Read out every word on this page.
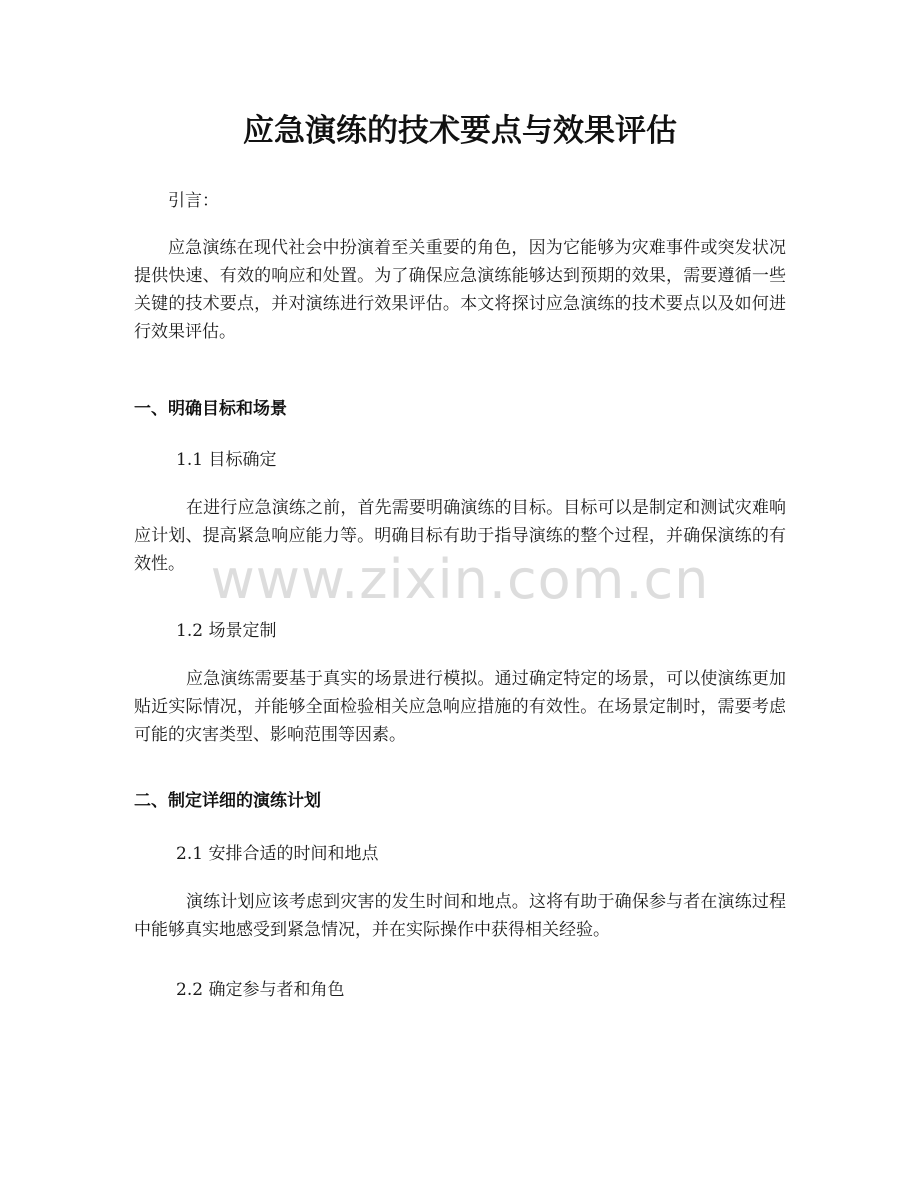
应急演练的技术要点与效果评估

引言：

应急演练在现代社会中扮演着至关重要的角色，因为它能够为灾难事件或突发状况提供快速、有效的响应和处置。为了确保应急演练能够达到预期的效果，需要遵循一些关键的技术要点，并对演练进行效果评估。本文将探讨应急演练的技术要点以及如何进行效果评估。

一、明确目标和场景

1.1 目标确定

在进行应急演练之前，首先需要明确演练的目标。目标可以是制定和测试灾难响应计划、提高紧急响应能力等。明确目标有助于指导演练的整个过程，并确保演练的有效性。

1.2 场景定制

应急演练需要基于真实的场景进行模拟。通过确定特定的场景，可以使演练更加贴近实际情况，并能够全面检验相关应急响应措施的有效性。在场景定制时，需要考虑可能的灾害类型、影响范围等因素。

二、制定详细的演练计划

2.1 安排合适的时间和地点

演练计划应该考虑到灾害的发生时间和地点。这将有助于确保参与者在演练过程中能够真实地感受到紧急情况，并在实际操作中获得相关经验。

2.2 确定参与者和角色

www.zixin.com.cn
